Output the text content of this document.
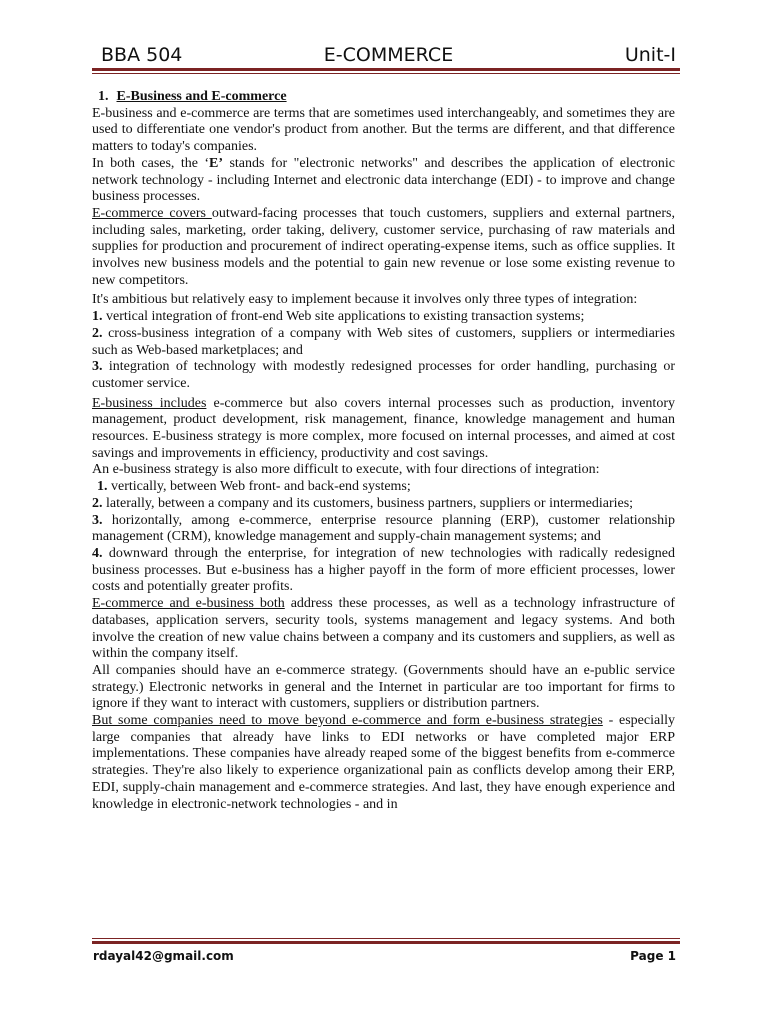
BBA 504	E-COMMERCE	Unit-I

1. E-Business and E-commerce

E-business and e-commerce are terms that are sometimes used interchangeably, and sometimes they are used to differentiate one vendor's product from another. But the terms are different, and that difference matters to today's companies.

In both cases, the ‘E’ stands for "electronic networks" and describes the application of electronic network technology - including Internet and electronic data interchange (EDI) - to improve and change business processes.

E-commerce covers outward-facing processes that touch customers, suppliers and external partners, including sales, marketing, order taking, delivery, customer service, purchasing of raw materials and supplies for production and procurement of indirect operating-expense items, such as office supplies. It involves new business models and the potential to gain new revenue or lose some existing revenue to new competitors.

It's ambitious but relatively easy to implement because it involves only three types of integration:

1. vertical integration of front-end Web site applications to existing transaction systems;

2. cross-business integration of a company with Web sites of customers, suppliers or intermediaries such as Web-based marketplaces; and

3. integration of technology with modestly redesigned processes for order handling, purchasing or customer service.

E-business includes e-commerce but also covers internal processes such as production, inventory management, product development, risk management, finance, knowledge management and human resources. E-business strategy is more complex, more focused on internal processes, and aimed at cost savings and improvements in efficiency, productivity and cost savings.

An e-business strategy is also more difficult to execute, with four directions of integration:

1. vertically, between Web front- and back-end systems;

2. laterally, between a company and its customers, business partners, suppliers or intermediaries;

3. horizontally, among e-commerce, enterprise resource planning (ERP), customer relationship management (CRM), knowledge management and supply-chain management systems; and

4. downward through the enterprise, for integration of new technologies with radically redesigned business processes. But e-business has a higher payoff in the form of more efficient processes, lower costs and potentially greater profits.

E-commerce and e-business both address these processes, as well as a technology infrastructure of databases, application servers, security tools, systems management and legacy systems. And both involve the creation of new value chains between a company and its customers and suppliers, as well as within the company itself.

All companies should have an e-commerce strategy. (Governments should have an e-public service strategy.) Electronic networks in general and the Internet in particular are too important for firms to ignore if they want to interact with customers, suppliers or distribution partners.

But some companies need to move beyond e-commerce and form e-business strategies - especially large companies that already have links to EDI networks or have completed major ERP implementations. These companies have already reaped some of the biggest benefits from e-commerce strategies. They're also likely to experience organizational pain as conflicts develop among their ERP, EDI, supply-chain management and e-commerce strategies. And last, they have enough experience and knowledge in electronic-network technologies - and in

rdayal42@gmail.com	Page 1
